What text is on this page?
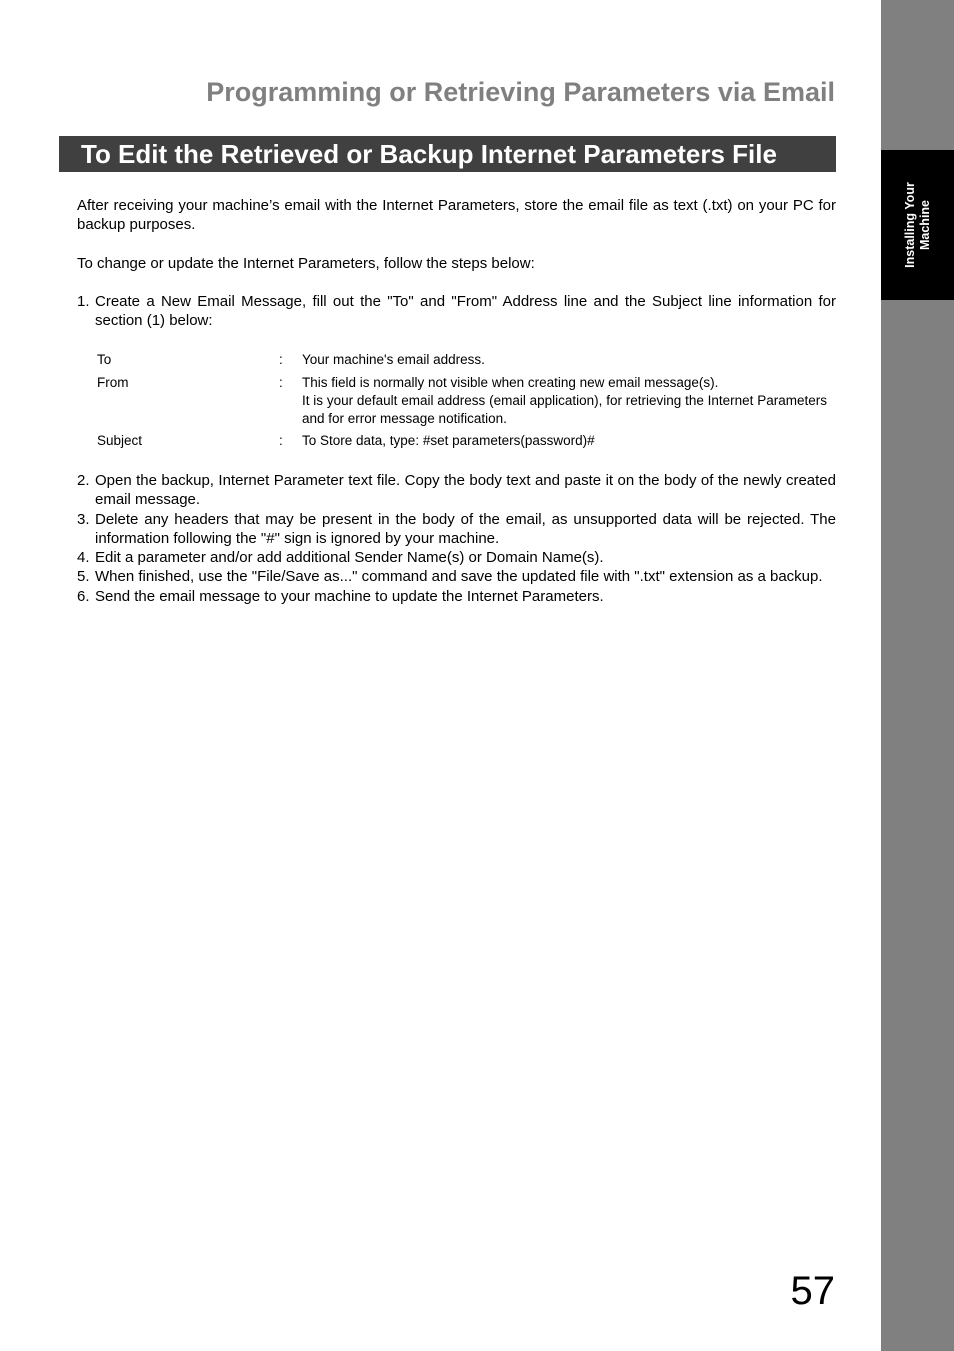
Installing Your Machine
Programming or Retrieving Parameters via Email
To Edit the Retrieved or Backup Internet Parameters File

After receiving your machine’s email with the Internet Parameters, store the email file as text (.txt) on your PC for backup purposes.

To change or update the Internet Parameters, follow the steps below:

1. Create a New Email Message, fill out the "To" and "From" Address line and the Subject line information for section (1) below:
To	: Your machine's email address.
From	: This field is normally not visible when creating new email message(s).
It is your default email address (email application), for retrieving the Internet Parameters and for error message notification.
Subject	: To Store data, type: #set parameters(password)#
2. Open the backup, Internet Parameter text file. Copy the body text and paste it on the body of the newly created email message.
3. Delete any headers that may be present in the body of the email, as unsupported data will be rejected. The information following the "#" sign is ignored by your machine.
4. Edit a parameter and/or add additional Sender Name(s) or Domain Name(s).
5. When finished, use the "File/Save as..." command and save the updated file with ".txt" extension as a backup.
6. Send the email message to your machine to update the Internet Parameters.

57
